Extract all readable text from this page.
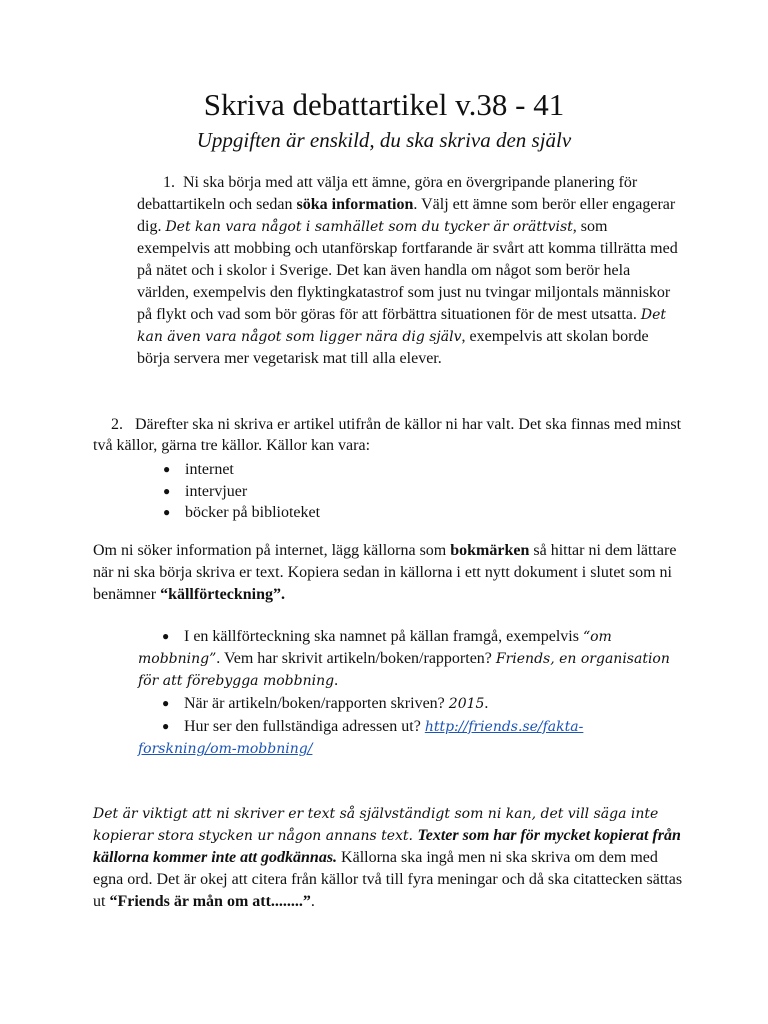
Skriva debattartikel v.38 - 41
Uppgiften är enskild, du ska skriva den själv
1. Ni ska börja med att välja ett ämne, göra en övergripande planering för debattartikeln och sedan söka information. Välj ett ämne som berör eller engagerar dig. Det kan vara något i samhället som du tycker är orättvist, som exempelvis att mobbing och utanförskap fortfarande är svårt att komma tillrätta med på nätet och i skolor i Sverige. Det kan även handla om något som berör hela världen, exempelvis den flyktingkatastrof som just nu tvingar miljontals människor på flykt och vad som bör göras för att förbättra situationen för de mest utsatta. Det kan även vara något som ligger nära dig själv, exempelvis att skolan borde börja servera mer vegetarisk mat till alla elever.
2. Därefter ska ni skriva er artikel utifrån de källor ni har valt. Det ska finnas med minst två källor, gärna tre källor. Källor kan vara:
● internet
● intervjuer
● böcker på biblioteket
Om ni söker information på internet, lägg källorna som bokmärken så hittar ni dem lättare när ni ska börja skriva er text. Kopiera sedan in källorna i ett nytt dokument i slutet som ni benämner “källförteckning”.
● I en källförteckning ska namnet på källan framgå, exempelvis “om mobbning”. Vem har skrivit artikeln/boken/rapporten? Friends, en organisation för att förebygga mobbning.
● När är artikeln/boken/rapporten skriven? 2015.
● Hur ser den fullständiga adressen ut? http://friends.se/fakta-forskning/om-mobbning/
Det är viktigt att ni skriver er text så självständigt som ni kan, det vill säga inte kopierar stora stycken ur någon annans text. Texter som har för mycket kopierat från källorna kommer inte att godkännas. Källorna ska ingå men ni ska skriva om dem med egna ord. Det är okej att citera från källor två till fyra meningar och då ska citattecken sättas ut “Friends är mån om att........”.
